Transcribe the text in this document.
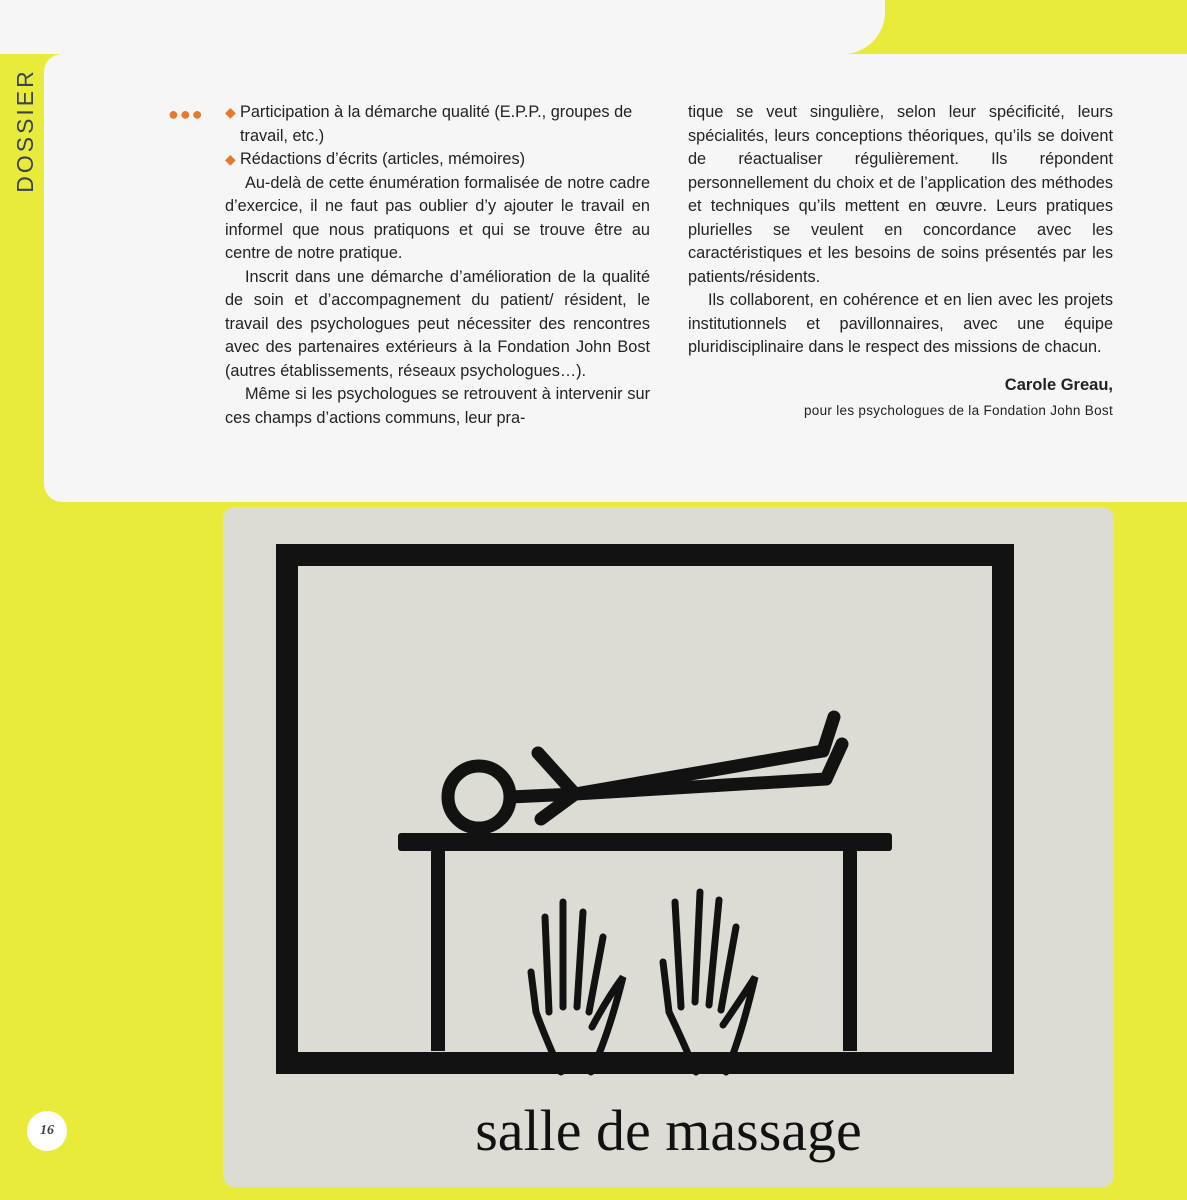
DOSSIER	●●● ◆ Participation à la démarche qualité (E.P.P., groupes de travail, etc.)
◆ Rédactions d’écrits (articles, mémoires)

Au-delà de cette énumération formalisée de notre cadre d’exercice, il ne faut pas oublier d’y ajouter le travail en informel que nous pratiquons et qui se trouve être au centre de notre pratique.

Inscrit dans une démarche d’amélioration de la qualité de soin et d’accompagnement du patient/ résident, le travail des psychologues peut nécessiter des rencontres avec des partenaires extérieurs à la Fondation John Bost (autres établissements, réseaux psychologues…).

Même si les psychologues se retrouvent à intervenir sur ces champs d’actions communs, leur pra-

tique se veut singulière, selon leur spécificité, leurs spécialités, leurs conceptions théoriques, qu’ils se doivent de réactualiser régulièrement. Ils répondent personnellement du choix et de l’application des méthodes et techniques qu’ils mettent en œuvre. Leurs pratiques plurielles se veulent en concordance avec les caractéristiques et les besoins de soins présentés par les patients/résidents.

Ils collaborent, en cohérence et en lien avec les projets institutionnels et pavillonnaires, avec une équipe pluridisciplinaire dans le respect des missions de chacun.

Carole Greau,
pour les psychologues de la Fondation John Bost
salle de massage
16
